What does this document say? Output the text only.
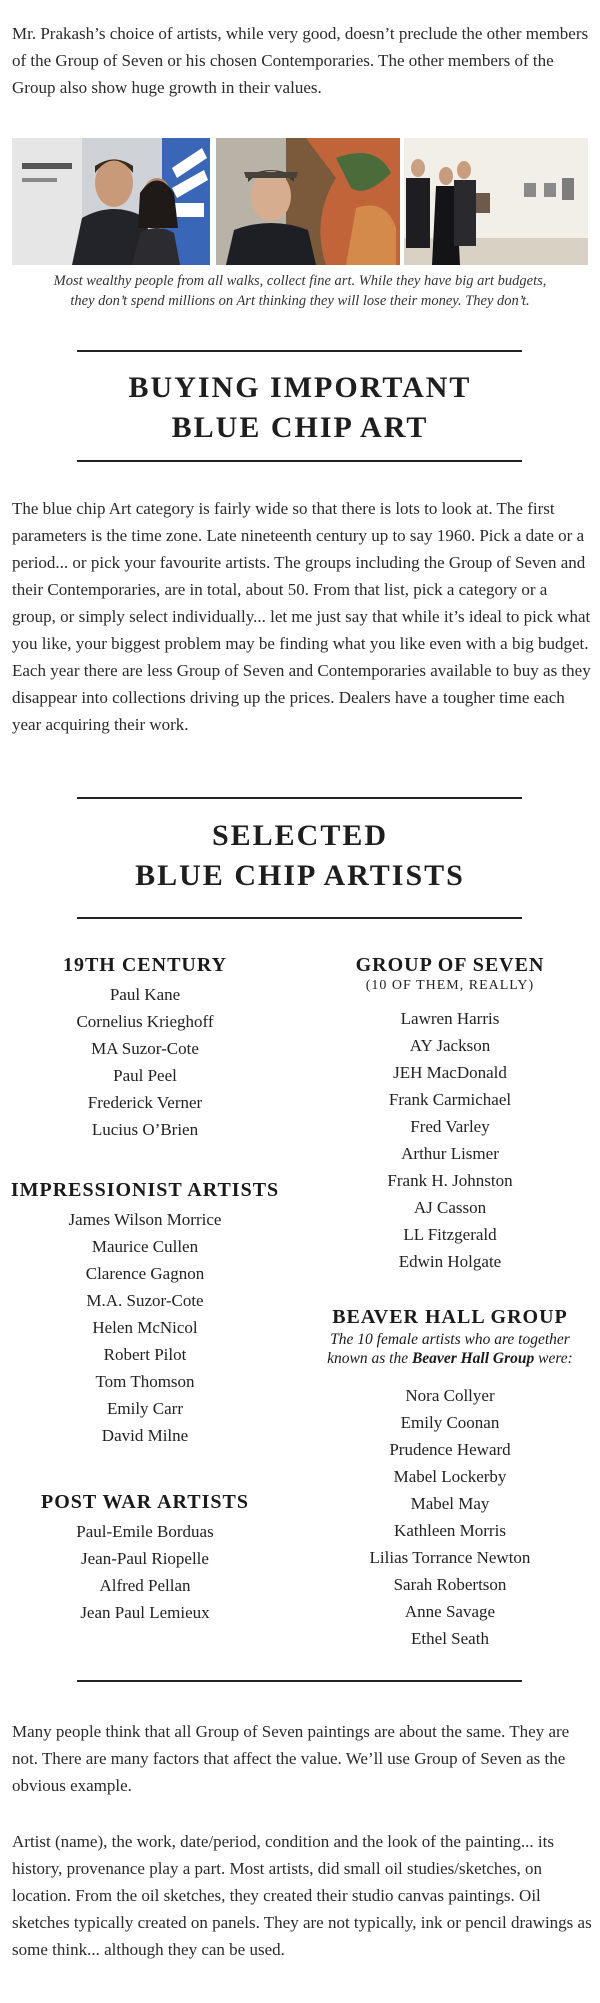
Mr. Prakash’s choice of artists, while very good, doesn’t preclude the other members of the Group of Seven or his chosen Contemporaries. The other members of the Group also show huge growth in their values.

Most wealthy people from all walks, collect fine art. While they have big art budgets,

they don’t spend millions on Art thinking they will lose their money. They don’t.

BUYING IMPORTANT
BLUE CHIP ART

The blue chip Art category is fairly wide so that there is lots to look at. The first parameters is the time zone. Late nineteenth century up to say 1960. Pick a date or a period... or pick your favourite artists. The groups including the Group of Seven and their Contemporaries, are in total, about 50. From that list, pick a category or a group, or simply select individually... let me just say that while it’s ideal to pick what you like, your biggest problem may be finding what you like even with a big budget. Each year there are less Group of Seven and Contemporaries available to buy as they disappear into collections driving up the prices. Dealers have a tougher time each year acquiring their work.

SELECTED
BLUE CHIP ARTISTS
19TH CENTURY
Paul Kane
Cornelius Krieghoff
MA Suzor-Cote
Paul Peel
Frederick Verner
Lucius O’Brien
IMPRESSIONIST ARTISTS
James Wilson Morrice
Maurice Cullen
Clarence Gagnon
M.A. Suzor-Cote
Helen McNicol
Robert Pilot
Tom Thomson
Emily Carr
David Milne
POST WAR ARTISTS
Paul-Emile Borduas
Jean-Paul Riopelle
Alfred Pellan
Jean Paul Lemieux
GROUP OF SEVEN

(10 OF THEM, REALLY)

Lawren Harris
AY Jackson
JEH MacDonald
Frank Carmichael
Fred Varley
Arthur Lismer
Frank H. Johnston
AJ Casson
LL Fitzgerald
Edwin Holgate
BEAVER HALL GROUP

The 10 female artists who are together

known as the Beaver Hall Group were:

Nora Collyer
Emily Coonan
Prudence Heward
Mabel Lockerby
Mabel May
Kathleen Morris
Lilias Torrance Newton
Sarah Robertson
Anne Savage
Ethel Seath

Many people think that all Group of Seven paintings are about the same. They are not. There are many factors that affect the value. We’ll use Group of Seven as the obvious example.

Artist (name), the work, date/period, condition and the look of the painting... its history, provenance play a part. Most artists, did small oil studies/sketches, on location. From the oil sketches, they created their studio canvas paintings. Oil sketches typically created on panels. They are not typically, ink or pencil drawings as some think... although they can be used.
